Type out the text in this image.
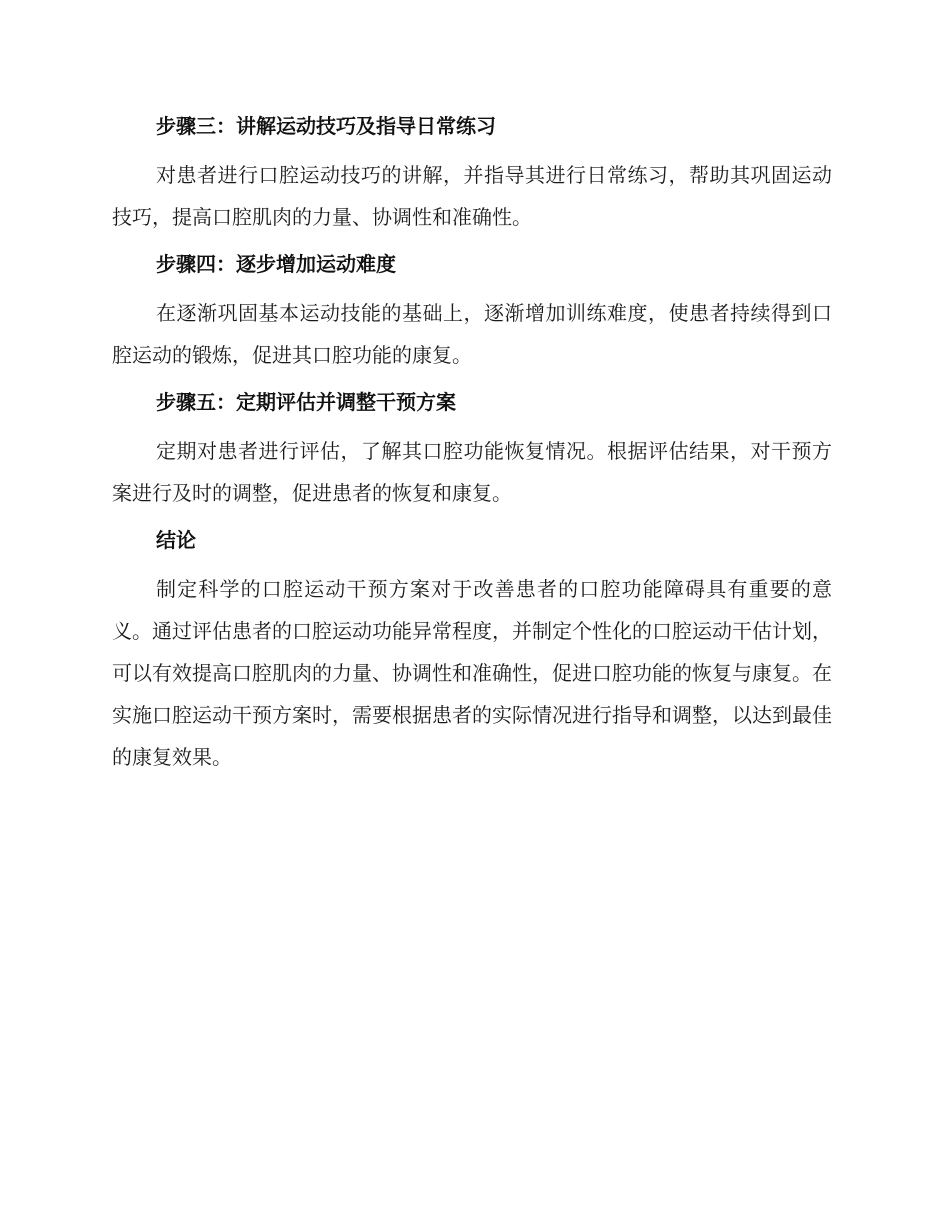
步骤三：讲解运动技巧及指导日常练习

对患者进行口腔运动技巧的讲解，并指导其进行日常练习，帮助其巩固运动技巧，提高口腔肌肉的力量、协调性和准确性。

步骤四：逐步增加运动难度

在逐渐巩固基本运动技能的基础上，逐渐增加训练难度，使患者持续得到口腔运动的锻炼，促进其口腔功能的康复。

步骤五：定期评估并调整干预方案

定期对患者进行评估，了解其口腔功能恢复情况。根据评估结果，对干预方案进行及时的调整，促进患者的恢复和康复。

结论

制定科学的口腔运动干预方案对于改善患者的口腔功能障碍具有重要的意义。通过评估患者的口腔运动功能异常程度，并制定个性化的口腔运动干估计划，可以有效提高口腔肌肉的力量、协调性和准确性，促进口腔功能的恢复与康复。在实施口腔运动干预方案时，需要根据患者的实际情况进行指导和调整，以达到最佳的康复效果。
